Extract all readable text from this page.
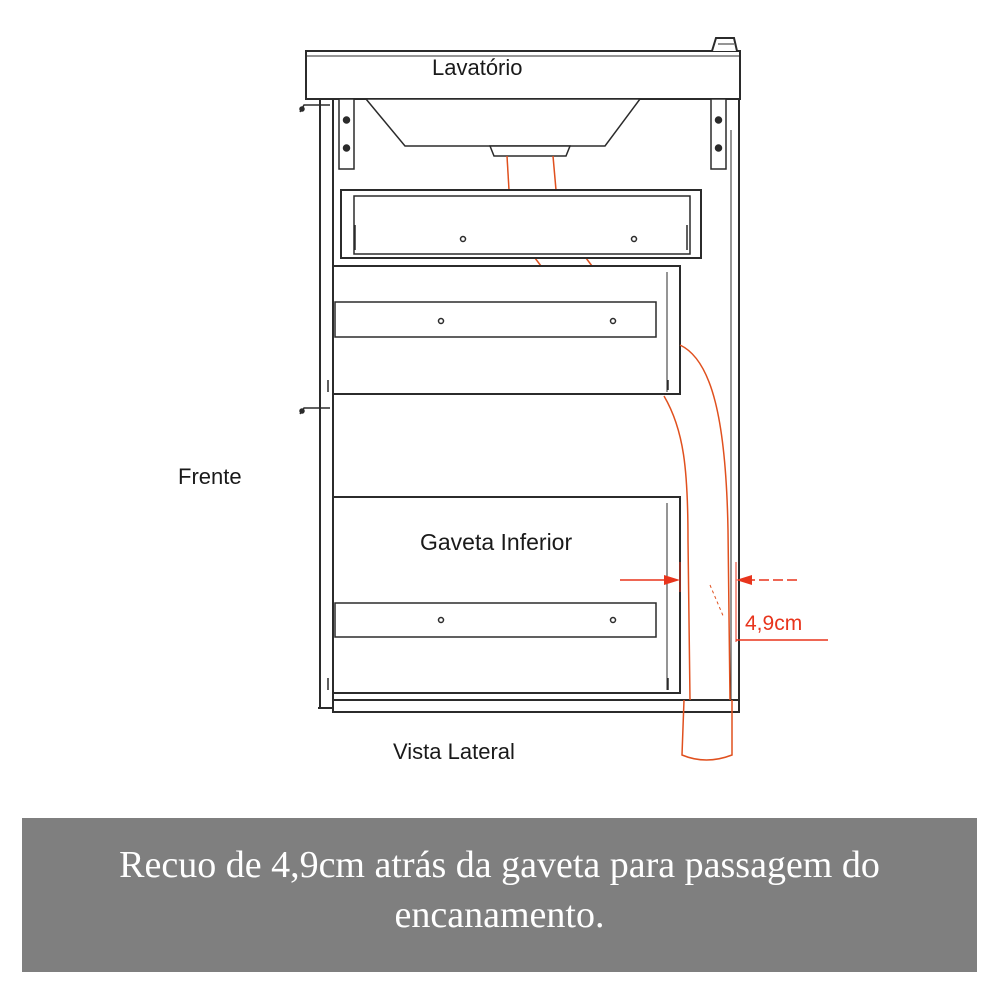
Lavatório
Frente
Gaveta Inferior
Vista Lateral
4,9cm
Recuo de 4,9cm atrás da gaveta para passagem do encanamento.
